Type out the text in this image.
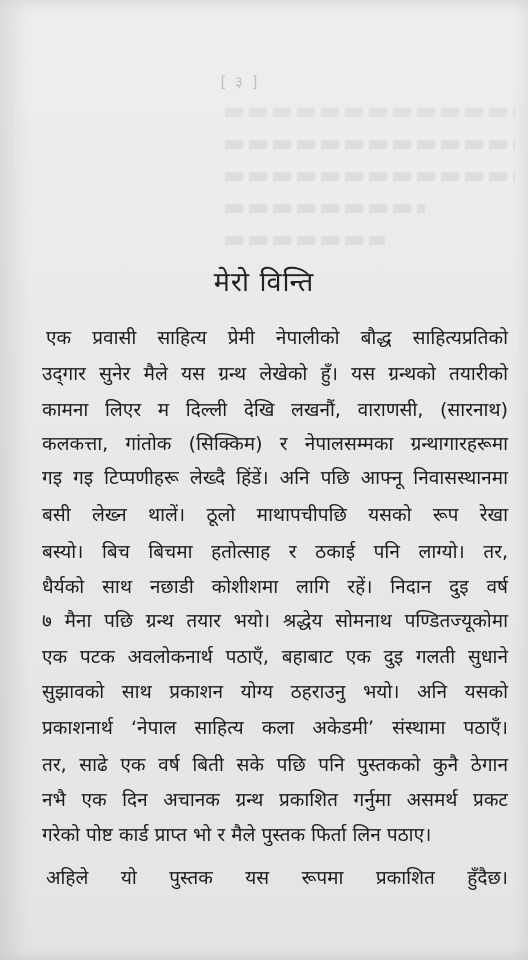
[ ३ ]
मेरो विन्ति
एक प्रवासी साहित्य प्रेमी नेपालीको बौद्ध साहित्यप्रतिको
उद्‌गार सुनेर मैले यस ग्रन्थ लेखेको हुँ। यस ग्रन्थको तयारीको
कामना लिएर म दिल्ली देखि लखनौं, वाराणसी, (सारनाथ)
कलकत्ता, गांतोक (सिक्किम) र नेपालसम्मका ग्रन्थागारहरूमा
गइ गइ टिप्पणीहरू लेख्दै हिंडें। अनि पछि आफ्नू निवासस्थानमा
बसी लेख्न थालें। ठूलो माथापचीपछि यसको रूप रेखा
बस्यो। बिच बिचमा हतोत्साह र ठकाई पनि लाग्यो। तर,
धैर्यको साथ नछाडी कोशीशमा लागि रहें। निदान दुइ वर्ष
७ मैना पछि ग्रन्थ तयार भयो। श्रद्धेय सोमनाथ पण्डितज्यूकोमा
एक पटक अवलोकनार्थ पठाएँ, बहाबाट एक दुइ गलती सुधाने
सुझावको साथ प्रकाशन योग्य ठहराउनु भयो। अनि यसको
प्रकाशनार्थ ‘नेपाल साहित्य कला अकेडमी’ संस्थामा पठाएँ।
तर, साढे एक वर्ष बिती सके पछि पनि पुस्तकको कुनै ठेगान
नभै एक दिन अचानक ग्रन्थ प्रकाशित गर्नुमा असमर्थ प्रकट
गरेको पोष्ट कार्ड प्राप्त भो र मैले पुस्तक फिर्ता लिन पठाए।
अहिले यो पुस्तक यस रूपमा प्रकाशित हुँदैछ।
